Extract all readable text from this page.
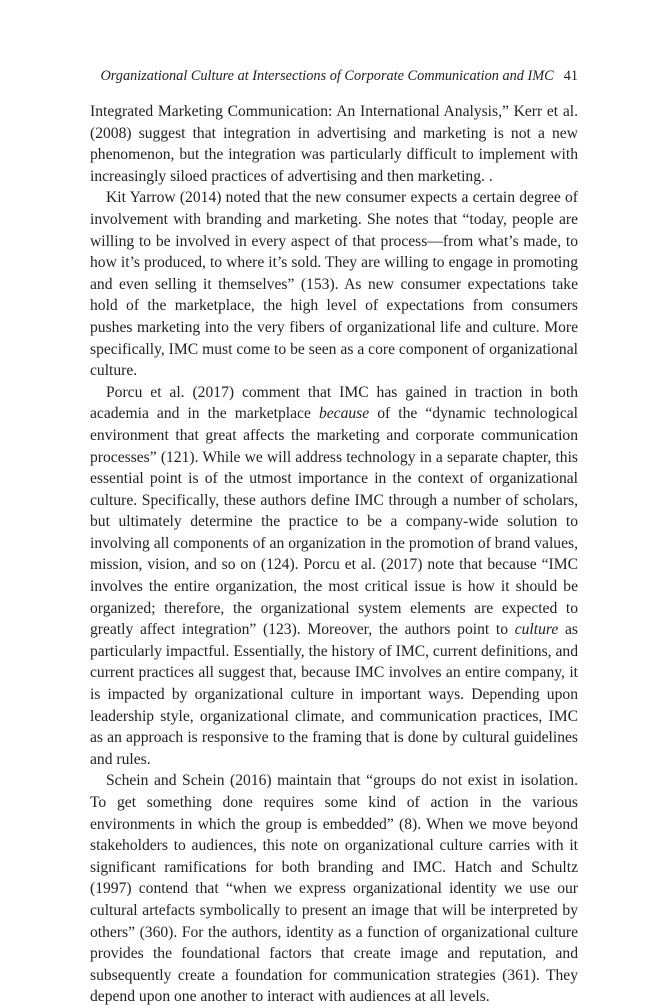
Organizational Culture at Intersections of Corporate Communication and IMC 41

Integrated Marketing Communication: An International Analysis,” Kerr et al. (2008) suggest that integration in advertising and marketing is not a new phenomenon, but the integration was particularly difficult to implement with increasingly siloed practices of advertising and then marketing. .

Kit Yarrow (2014) noted that the new consumer expects a certain degree of involvement with branding and marketing. She notes that “today, people are willing to be involved in every aspect of that process—from what’s made, to how it’s produced, to where it’s sold. They are willing to engage in promoting and even selling it themselves” (153). As new consumer expectations take hold of the marketplace, the high level of expectations from consumers pushes marketing into the very fibers of organizational life and culture. More specifically, IMC must come to be seen as a core component of organizational culture.

Porcu et al. (2017) comment that IMC has gained in traction in both academia and in the marketplace because of the “dynamic technological environment that great affects the marketing and corporate communication processes” (121). While we will address technology in a separate chapter, this essential point is of the utmost importance in the context of organizational culture. Specifically, these authors define IMC through a number of scholars, but ultimately determine the practice to be a company-wide solution to involving all components of an organization in the promotion of brand values, mission, vision, and so on (124). Porcu et al. (2017) note that because “IMC involves the entire organization, the most critical issue is how it should be organized; therefore, the organizational system elements are expected to greatly affect integration” (123). Moreover, the authors point to culture as particularly impactful. Essentially, the history of IMC, current definitions, and current practices all suggest that, because IMC involves an entire company, it is impacted by organizational culture in important ways. Depending upon leadership style, organizational climate, and communication practices, IMC as an approach is responsive to the framing that is done by cultural guidelines and rules.

Schein and Schein (2016) maintain that “groups do not exist in isolation. To get something done requires some kind of action in the various environments in which the group is embedded” (8). When we move beyond stakeholders to audiences, this note on organizational culture carries with it significant ramifications for both branding and IMC. Hatch and Schultz (1997) contend that “when we express organizational identity we use our cultural artefacts symbolically to present an image that will be interpreted by others” (360). For the authors, identity as a function of organizational culture provides the foundational factors that create image and reputation, and subsequently create a foundation for communication strategies (361). They depend upon one another to interact with audiences at all levels.
